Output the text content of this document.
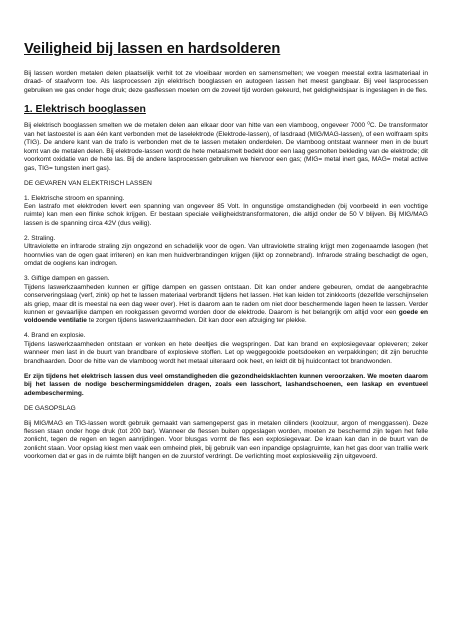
Veiligheid bij lassen en hardsolderen

Bij lassen worden metalen delen plaatselijk verhit tot ze vloeibaar worden en samensmelten; we voegen meestal extra lasmateriaal in draad- of staafvorm toe. Als lasprocessen zijn elektrisch booglassen en autogeen lassen het meest gangbaar. Bij veel lasprocessen gebruiken we gas onder hoge druk; deze gasflessen moeten om de zoveel tijd worden gekeurd, het geldigheidsjaar is ingeslagen in de fles.

1. Elektrisch booglassen

Bij elektrisch booglassen smelten we de metalen delen aan elkaar door van hitte van een vlamboog, ongeveer 7000 $^0$C. De transformator van het lastoestel is aan één kant verbonden met de laselektrode (Elektrode-lassen), of lasdraad (MIG/MAG-lassen), of een wolfraam spits (TIG). De andere kant van de trafo is verbonden met de te lassen metalen onderdelen. De vlamboog ontstaat wanneer men in de buurt komt van de metalen delen. Bij elektrode-lassen wordt de hete metaalsmelt bedekt door een laag gesmolten bekleding van de elektrode; dit voorkomt oxidatie van de hete las. Bij de andere lasprocessen gebruiken we hiervoor een gas; (MIG= metal inert gas, MAG= metal active gas, TIG= tungsten inert gas).

DE GEVAREN VAN ELEKTRISCH LASSEN

1. Elektrische stroom en spanning.
Een lastrafo met elektroden levert een spanning van ongeveer 85 Volt. In ongunstige omstandigheden (bij voorbeeld in een vochtige ruimte) kan men een flinke schok krijgen. Er bestaan speciale veiligheidstransformatoren, die altijd onder de 50 V blijven. Bij MIG/MAG lassen is de spanning circa 42V (dus veilig).

2. Straling.
Ultraviolette en infrarode straling zijn ongezond en schadelijk voor de ogen. Van ultraviolette straling krijgt men zogenaamde lasogen (het hoornvlies van de ogen gaat irriteren) en kan men huidverbrandingen krijgen (lijkt op zonnebrand). Infrarode straling beschadigt de ogen, omdat de ooglens kan indrogen.

3. Giftige dampen en gassen.
Tijdens laswerkzaamheden kunnen er giftige dampen en gassen ontstaan. Dit kan onder andere gebeuren, omdat de aangebrachte conserveringslaag (verf, zink) op het te lassen materiaal verbrandt tijdens het lassen. Het kan leiden tot zinkkoorts (dezelfde verschijnselen als griep, maar dit is meestal na een dag weer over). Het is daarom aan te raden om niet door beschermende lagen heen te lassen. Verder kunnen er gevaarlijke dampen en rookgassen gevormd worden door de elektrode. Daarom is het belangrijk om altijd voor een goede en voldoende ventilatie te zorgen tijdens laswerkzaamheden. Dit kan door een afzuiging ter plekke.

4. Brand en explosie.
Tijdens laswerkzaamheden ontstaan er vonken en hete deeltjes die wegspringen. Dat kan brand en explosiegevaar opleveren; zeker wanneer men last in de buurt van brandbare of explosieve stoffen. Let op weggegooide poetsdoeken en verpakkingen; dit zijn beruchte brandhaarden. Door de hitte van de vlamboog wordt het metaal uiteraard ook heet, en leidt dit bij huidcontact tot brandwonden.

Er zijn tijdens het elektrisch lassen dus veel omstandigheden die gezondheidsklachten kunnen veroorzaken. We moeten daarom bij het lassen de nodige beschermingsmiddelen dragen, zoals een lasschort, lashandschoenen, een laskap en eventueel adembescherming.

DE GASOPSLAG

Bij MIG/MAG en TIG-lassen wordt gebruik gemaakt van samengeperst gas in metalen cilinders (koolzuur, argon of menggassen). Deze flessen staan onder hoge druk (tot 200 bar). Wanneer de flessen buiten opgeslagen worden, moeten ze beschermd zijn tegen het felle zonlicht, tegen de regen en tegen aanrijdingen. Voor blusgas vormt de fles een explosiegevaar. De kraan kan dan in de buurt van de zonlicht staan. Voor opslag kiest men vaak een omheind plek, bij gebruik van een inpandige opslagruimte, kan het gas door van trallie werk voorkomen dat er gas in de ruimte blijft hangen en de zuurstof verdringt. De verlichting moet explosieveilig zijn uitgevoerd.
